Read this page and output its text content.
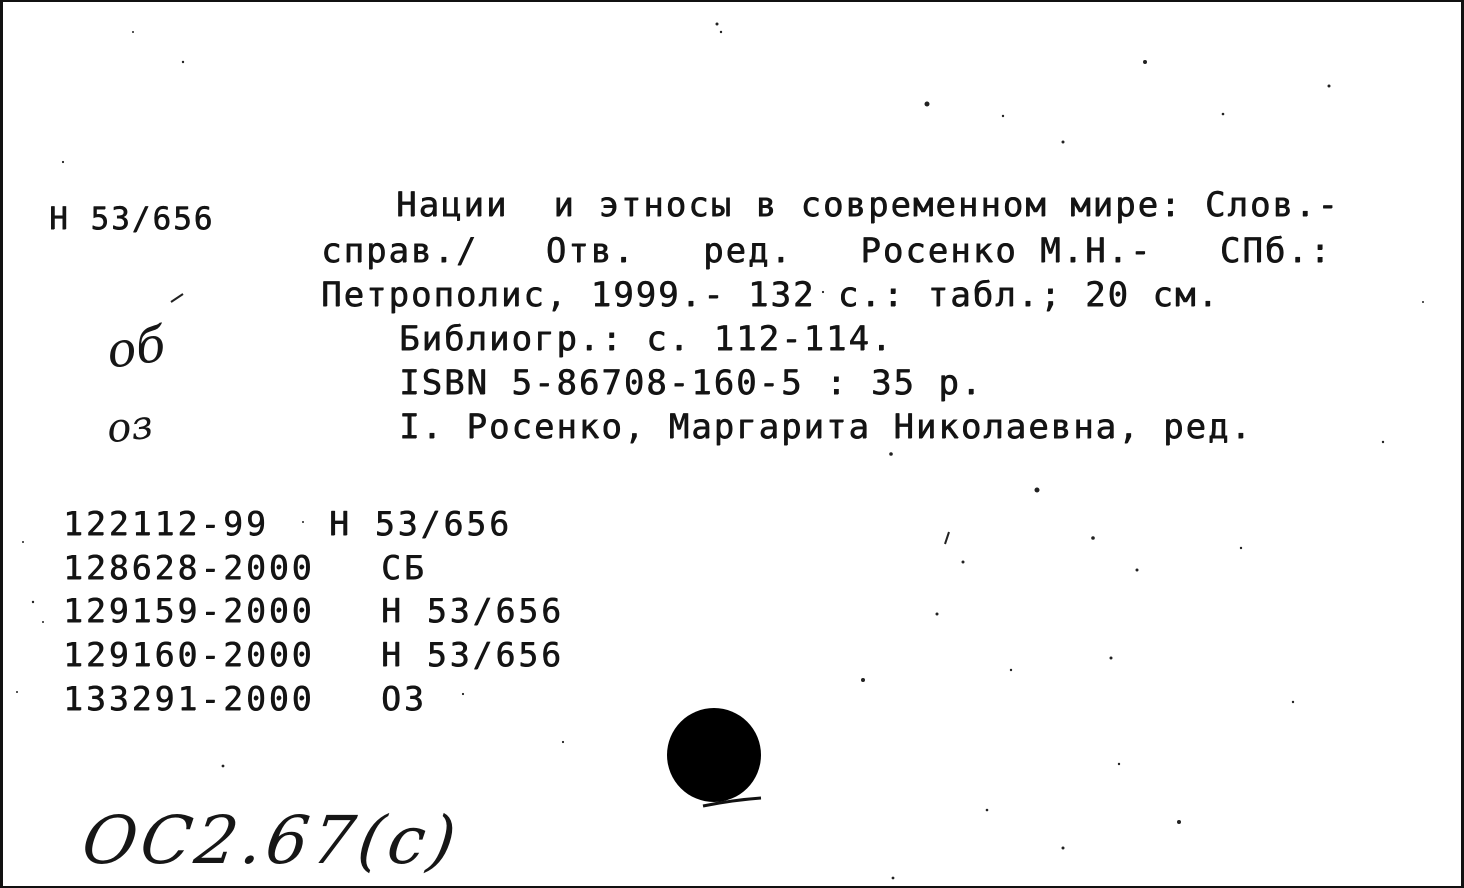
Н 53/656	Нации  и этносы в современном мире: Слов.-
справ./   Отв.   ред.   Росенко М.Н.-   СПб.:
Петрополис, 1999.- 132 с.: табл.; 20 см.
Библиогр.: с. 112-114.
ISBN 5-86708-160-5 : 35 р.
I. Росенко, Маргарита Николаевна, ред.
об
оз
122112-99 Н 53/656
128628-2000 СБ
129159-2000 Н 53/656
129160-2000 Н 53/656
133291-2000 ОЗ
ОС2.67(с)
